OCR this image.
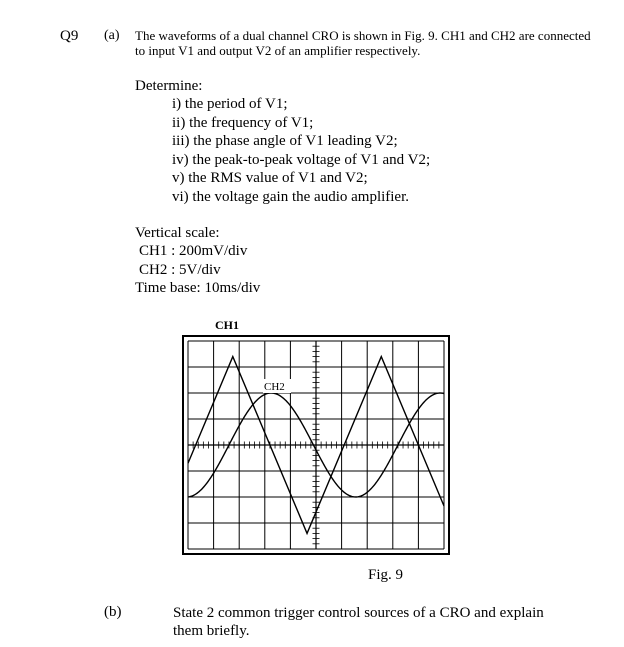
Q9 (a) The waveforms of a dual channel CRO is shown in Fig. 9. CH1 and CH2 are connected
to input V1 and output V2 of an amplifier respectively.
Determine:
i) the period of V1;
ii) the frequency of V1;
iii) the phase angle of V1 leading V2;
iv) the peak-to-peak voltage of V1 and V2;
v) the RMS value of V1 and V2;
vi) the voltage gain the audio amplifier.
Vertical scale:
CH1 : 200mV/div
CH2 : 5V/div
Time base: 10ms/div
CH1
CH2
Fig. 9
(b)	State 2 common trigger control sources of a CRO and explain
them briefly.
